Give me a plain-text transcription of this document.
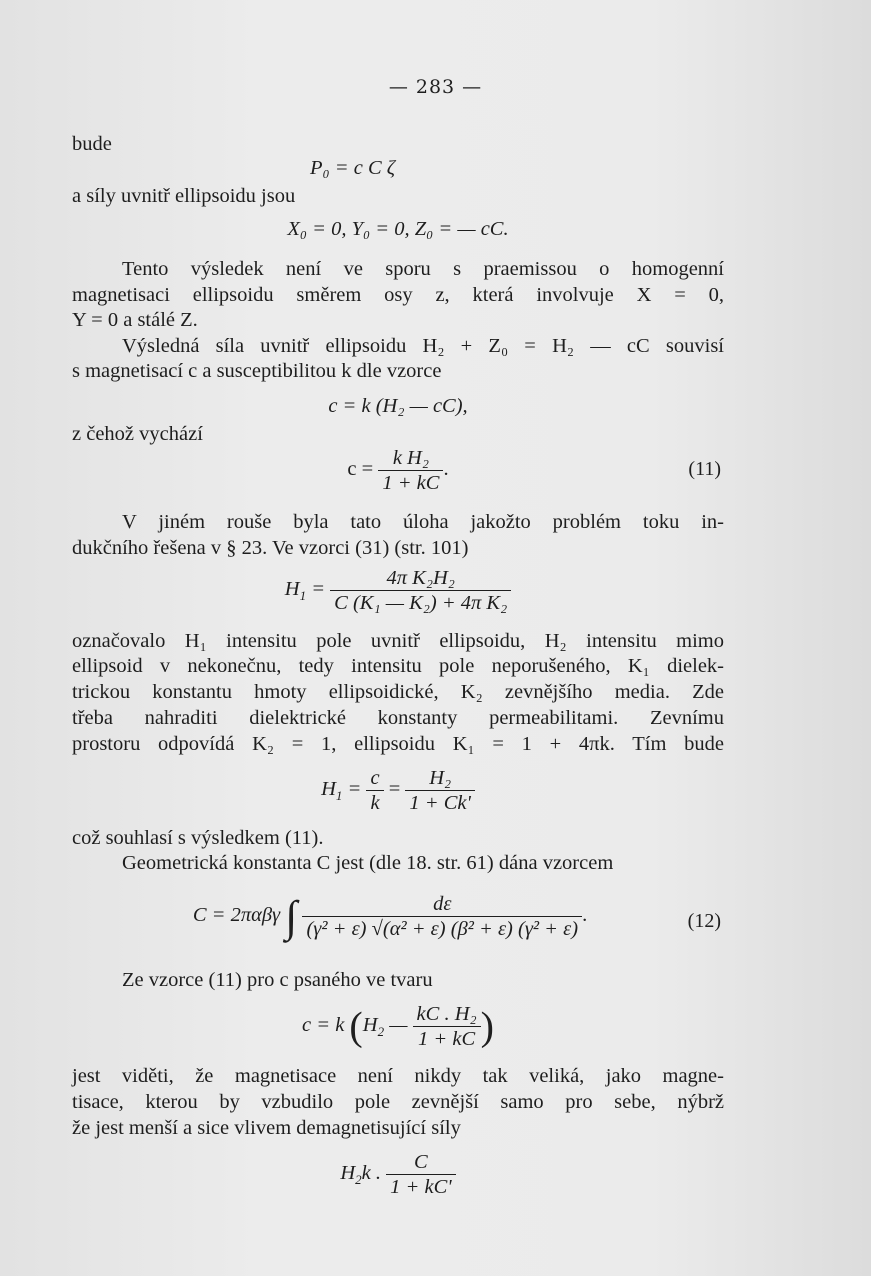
— 283 —
bude
P₀ = c C ζ
a síly uvnitř ellipsoidu jsou
X₀ = 0, Y₀ = 0, Z₀ = — cC.
Tento výsledek není ve sporu s praemissou o homogenní
magnetisaci ellipsoidu směrem osy z, která involvuje X = 0,
Y = 0 a stálé Z.
Výsledná síla uvnitř ellipsoidu H₂ + Z₀ = H₂ — cC souvisí
s magnetisací c a susceptibilitou k dle vzorce
c = k (H₂ — cC),
z čehož vychází
$c = \frac{\text{k H₂}}{1 + kC}$ .	(11)
V jiném rouše byla tato úloha jakožto problém toku in-
dukčního řešena v § 23. Ve vzorci (31) (str. 101)
$H_1 = \frac{\text{4π K₂H₂}}{\text{C (K₁ — K₂) + 4π K₂}}$
označovalo H₁ intensitu pole uvnitř ellipsoidu, H₂ intensitu mimo
ellipsoid v nekonečnu, tedy intensitu pole neporušeného, K₁ dielek-
trickou konstantu hmoty ellipsoidické, K₂ zevnějšího media. Zde
třeba nahraditi dielektrické konstanty permeabilitami. Zevnímu
prostoru odpovídá K₂ = 1, ellipsoidu K₁ = 1 + 4πk. Tím bude
$H_1 = \frac{c}{k} = \frac{\text{H₂}}{1 + Ck'}$
což souhlasí s výsledkem (11).
Geometrická konstanta C jest (dle 18. str. 61) dána vzorcem
C = 2παβγ ∫ $\frac{d\varepsilon}{\text{(γ² + ε) √(α² + ε) (β² + ε) (γ² + ε)}}$ .	(12)
Ze vzorce (11) pro c psaného ve tvaru
c = k ($H_2$ — $\frac{\text{kC . H₂}}{1 + kC}$ )
jest viděti, že magnetisace není nikdy tak veliká, jako magne-
tisace, kterou by vzbudilo pole zevnější samo pro sebe, nýbrž
že jest menší a sice vlivem demagnetisující síly
$H_2k$ . $\frac{C}{1 + kC'}$
